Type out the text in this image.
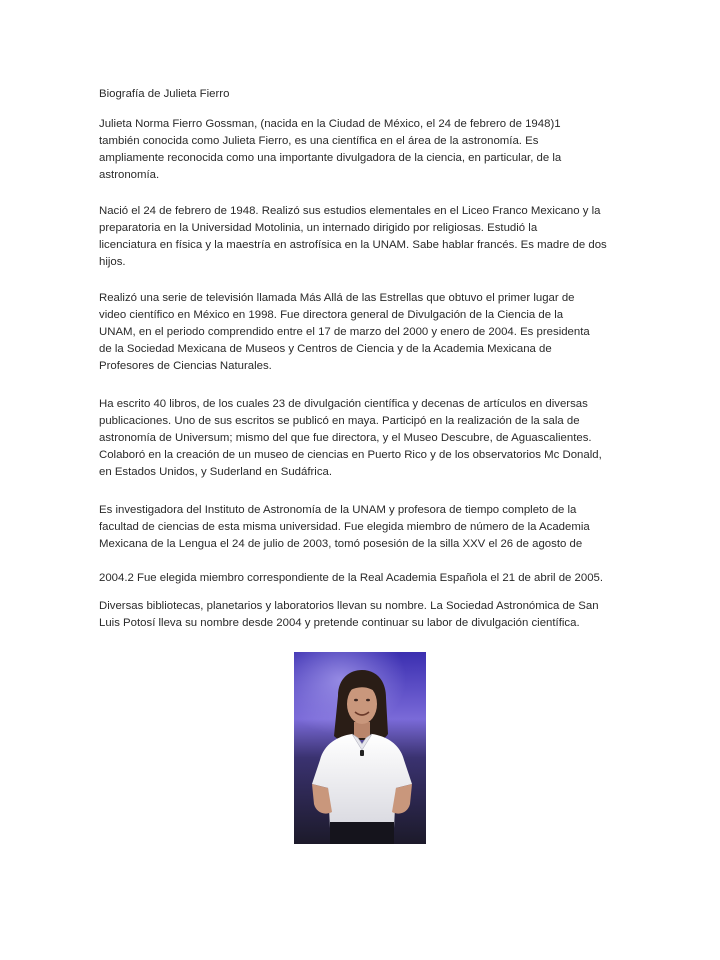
Biografía de Julieta Fierro
Julieta Norma Fierro Gossman, (nacida en la Ciudad de México, el 24 de febrero de 1948)1
también conocida como Julieta Fierro, es una científica en el área de la astronomía. Es
ampliamente reconocida como una importante divulgadora de la ciencia, en particular, de la
astronomía.
Nació el 24 de febrero de 1948. Realizó sus estudios elementales en el Liceo Franco Mexicano y la
preparatoria en la Universidad Motolinia, un internado dirigido por religiosas. Estudió la
licenciatura en física y la maestría en astrofísica en la UNAM. Sabe hablar francés. Es madre de dos
hijos.
Realizó una serie de televisión llamada Más Allá de las Estrellas que obtuvo el primer lugar de
video científico en México en 1998. Fue directora general de Divulgación de la Ciencia de la
UNAM, en el periodo comprendido entre el 17 de marzo del 2000 y enero de 2004. Es presidenta
de la Sociedad Mexicana de Museos y Centros de Ciencia y de la Academia Mexicana de
Profesores de Ciencias Naturales.
Ha escrito 40 libros, de los cuales 23 de divulgación científica y decenas de artículos en diversas
publicaciones. Uno de sus escritos se publicó en maya. Participó en la realización de la sala de
astronomía de Universum; mismo del que fue directora, y el Museo Descubre, de Aguascalientes.
Colaboró en la creación de un museo de ciencias en Puerto Rico y de los observatorios Mc Donald,
en Estados Unidos, y Suderland en Sudáfrica.
Es investigadora del Instituto de Astronomía de la UNAM y profesora de tiempo completo de la
facultad de ciencias de esta misma universidad. Fue elegida miembro de número de la Academia
Mexicana de la Lengua el 24 de julio de 2003, tomó posesión de la silla XXV el 26 de agosto de
2004.2 Fue elegida miembro correspondiente de la Real Academia Española el 21 de abril de 2005.
Diversas bibliotecas, planetarios y laboratorios llevan su nombre. La Sociedad Astronómica de San
Luis Potosí lleva su nombre desde 2004 y pretende continuar su labor de divulgación científica.
